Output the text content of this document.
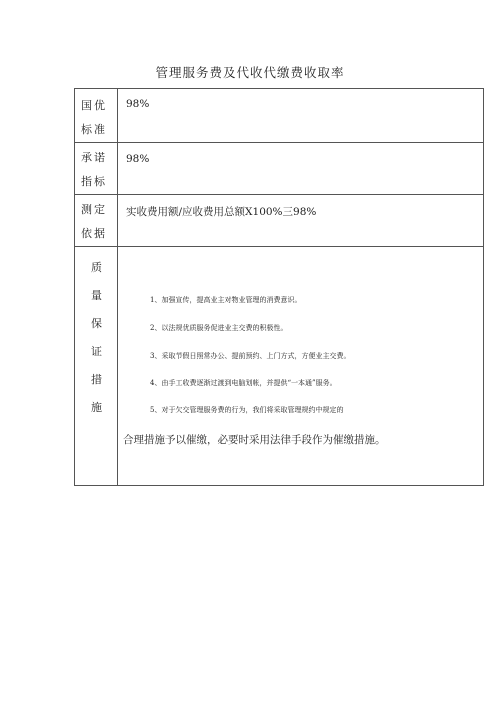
管理服务费及代收代缴费收取率
国优
标准
98%
承诺
指标
98%
测定
依据
实收费用额/应收费用总额X100%三98%
质
量
保
证
措
施
1、加强宣传，提高业主对物业管理的消费意识。
2、以法规优质服务促进业主交费的积极性。
3、采取节假日照常办公、提前预约、上门方式，方便业主交费。
4、由手工收费逐渐过渡到电脑划帐，并提供“一本通”服务。
5、对于欠交管理服务费的行为，我们将采取管理规约中规定的
合理措施予以催缴，必要时采用法律手段作为催缴措施。
